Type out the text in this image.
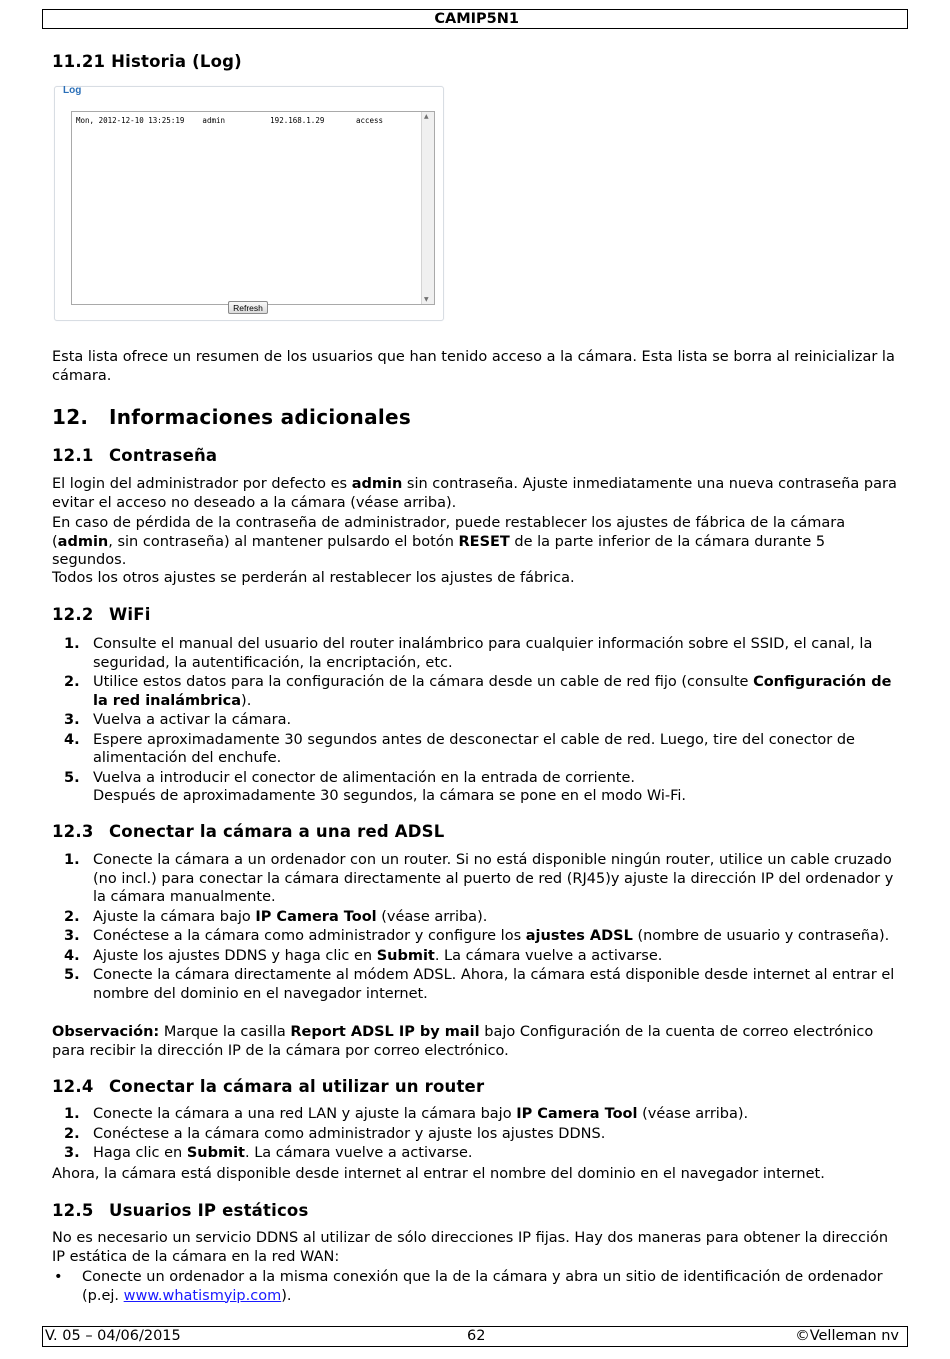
CAMIP5N1
11.21 Historia (Log)
Log
Mon, 2012-12-10 13:25:19    admin          192.168.1.29       access	▲
▼
Refresh

Esta lista ofrece un resumen de los usuarios que han tenido acceso a la cámara. Esta lista se borra al reinicializar la cámara.

12. Informaciones adicionales
12.1 Contraseña

El login del administrador por defecto es admin sin contraseña. Ajuste inmediatamente una nueva contraseña para evitar el acceso no deseado a la cámara (véase arriba).

En caso de pérdida de la contraseña de administrador, puede restablecer los ajustes de fábrica de la cámara (admin, sin contraseña) al mantener pulsardo el botón RESET de la parte inferior de la cámara durante 5 segundos.

Todos los otros ajustes se perderán al restablecer los ajustes de fábrica.

12.2 WiFi
1. Consulte el manual del usuario del router inalámbrico para cualquier información sobre el SSID, el canal, la seguridad, la autentificación, la encriptación, etc.
2. Utilice estos datos para la configuración de la cámara desde un cable de red fijo (consulte Configuración de la red inalámbrica).
3. Vuelva a activar la cámara.
4. Espere aproximadamente 30 segundos antes de desconectar el cable de red. Luego, tire del conector de alimentación del enchufe.
5. Vuelva a introducir el conector de alimentación en la entrada de corriente.
Después de aproximadamente 30 segundos, la cámara se pone en el modo Wi-Fi.
12.3 Conectar la cámara a una red ADSL
1. Conecte la cámara a un ordenador con un router. Si no está disponible ningún router, utilice un cable cruzado (no incl.) para conectar la cámara directamente al puerto de red (RJ45)y ajuste la dirección IP del ordenador y la cámara manualmente.
2. Ajuste la cámara bajo IP Camera Tool (véase arriba).
3. Conéctese a la cámara como administrador y configure los ajustes ADSL (nombre de usuario y contraseña).
4. Ajuste los ajustes DDNS y haga clic en Submit. La cámara vuelve a activarse.
5. Conecte la cámara directamente al módem ADSL. Ahora, la cámara está disponible desde internet al entrar el nombre del dominio en el navegador internet.

Observación: Marque la casilla Report ADSL IP by mail bajo Configuración de la cuenta de correo electrónico para recibir la dirección IP de la cámara por correo electrónico.

12.4 Conectar la cámara al utilizar un router
1. Conecte la cámara a una red LAN y ajuste la cámara bajo IP Camera Tool (véase arriba).
2. Conéctese a la cámara como administrador y ajuste los ajustes DDNS.
3. Haga clic en Submit. La cámara vuelve a activarse.

Ahora, la cámara está disponible desde internet al entrar el nombre del dominio en el navegador internet.

12.5 Usuarios IP estáticos

No es necesario un servicio DDNS al utilizar de sólo direcciones IP fijas. Hay dos maneras para obtener la dirección IP estática de la cámara en la red WAN:

• Conecte un ordenador a la misma conexión que la de la cámara y abra un sitio de identificación de ordenador (p.ej. www.whatismyip.com).
V. 05 – 04/06/2015	62	©Velleman nv
